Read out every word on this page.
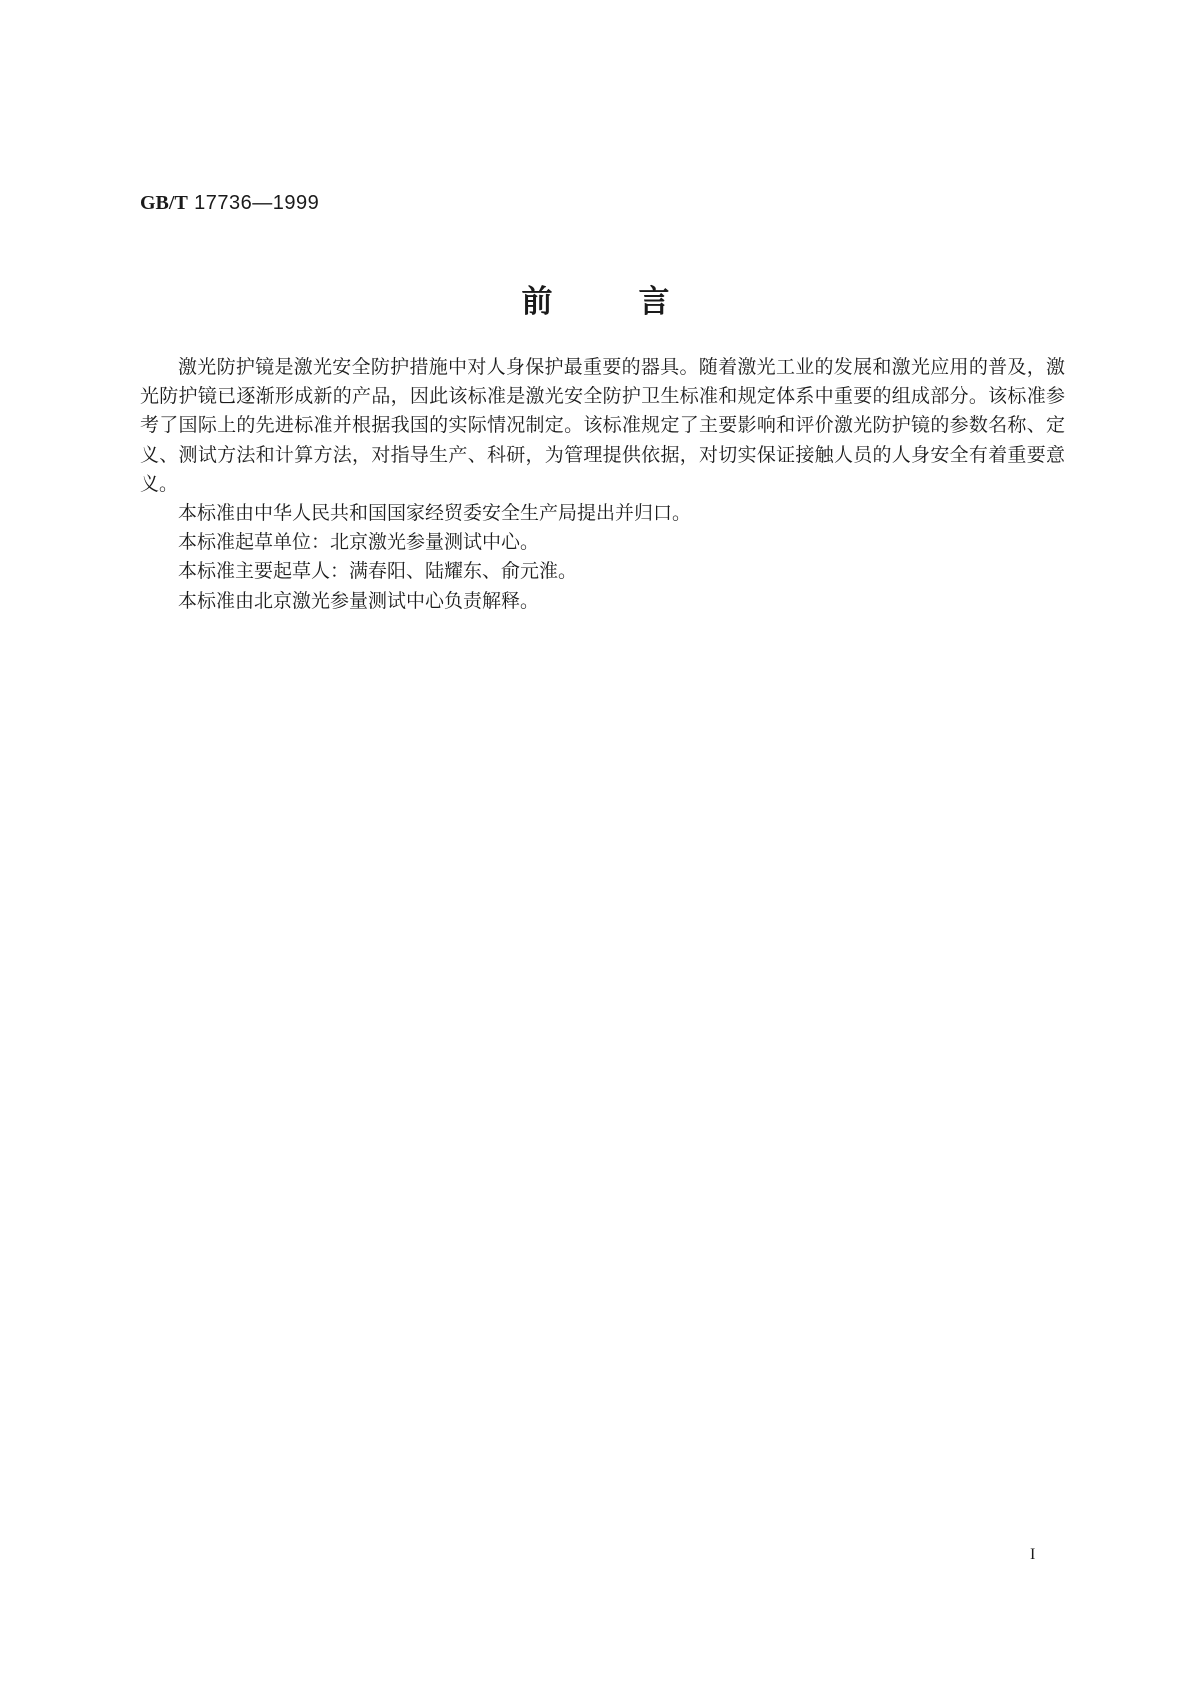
GB/T 17736—1999
前言

激光防护镜是激光安全防护措施中对人身保护最重要的器具。随着激光工业的发展和激光应用的普及，激光防护镜已逐渐形成新的产品，因此该标准是激光安全防护卫生标准和规定体系中重要的组成部分。该标准参考了国际上的先进标准并根据我国的实际情况制定。该标准规定了主要影响和评价激光防护镜的参数名称、定义、测试方法和计算方法，对指导生产、科研，为管理提供依据，对切实保证接触人员的人身安全有着重要意义。

本标准由中华人民共和国国家经贸委安全生产局提出并归口。

本标准起草单位：北京激光参量测试中心。

本标准主要起草人：满春阳、陆耀东、俞元淮。

本标准由北京激光参量测试中心负责解释。

I
